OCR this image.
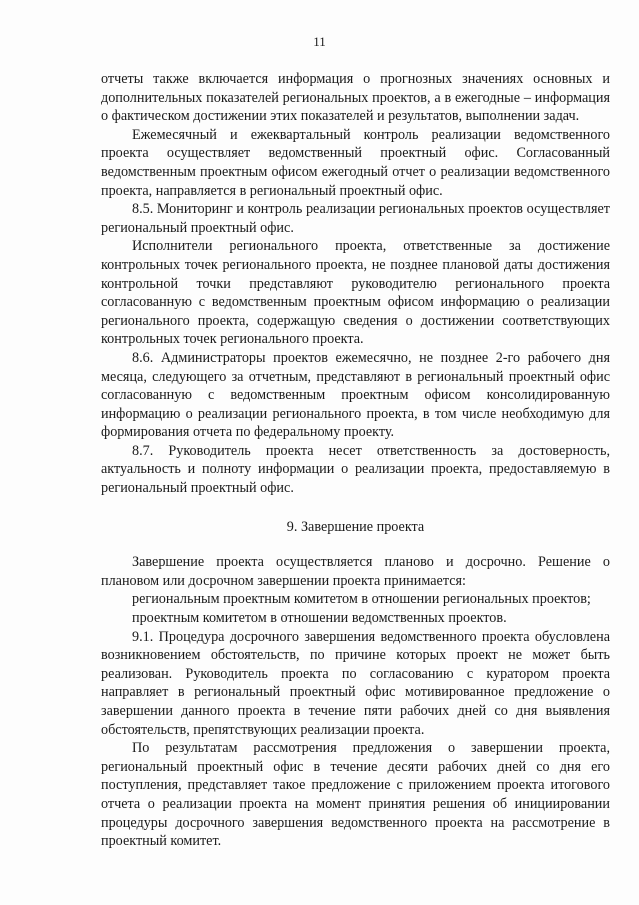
11

отчеты также включается информация о прогнозных значениях основных и дополнительных показателей региональных проектов, а в ежегодные – информация о фактическом достижении этих показателей и результатов, выполнении задач.

Ежемесячный и ежеквартальный контроль реализации ведомственного проекта осуществляет ведомственный проектный офис. Согласованный ведомственным проектным офисом ежегодный отчет о реализации ведомственного проекта, направляется в региональный проектный офис.

8.5. Мониторинг и контроль реализации региональных проектов осуществляет региональный проектный офис.

Исполнители регионального проекта, ответственные за достижение контрольных точек регионального проекта, не позднее плановой даты достижения контрольной точки представляют руководителю регионального проекта согласованную с ведомственным проектным офисом информацию о реализации регионального проекта, содержащую сведения о достижении соответствующих контрольных точек регионального проекта.

8.6. Администраторы проектов ежемесячно, не позднее 2-го рабочего дня месяца, следующего за отчетным, представляют в региональный проектный офис согласованную с ведомственным проектным офисом консолидированную информацию о реализации регионального проекта, в том числе необходимую для формирования отчета по федеральному проекту.

8.7. Руководитель проекта несет ответственность за достоверность, актуальность и полноту информации о реализации проекта, предоставляемую в региональный проектный офис.

9. Завершение проекта

Завершение проекта осуществляется планово и досрочно. Решение о плановом или досрочном завершении проекта принимается:

региональным проектным комитетом в отношении региональных проектов;

проектным комитетом в отношении ведомственных проектов.

9.1. Процедура досрочного завершения ведомственного проекта обусловлена возникновением обстоятельств, по причине которых проект не может быть реализован. Руководитель проекта по согласованию с куратором проекта направляет в региональный проектный офис мотивированное предложение о завершении данного проекта в течение пяти рабочих дней со дня выявления обстоятельств, препятствующих реализации проекта.

По результатам рассмотрения предложения о завершении проекта, региональный проектный офис в течение десяти рабочих дней со дня его поступления, представляет такое предложение с приложением проекта итогового отчета о реализации проекта на момент принятия решения об инициировании процедуры досрочного завершения ведомственного проекта на рассмотрение в проектный комитет.
